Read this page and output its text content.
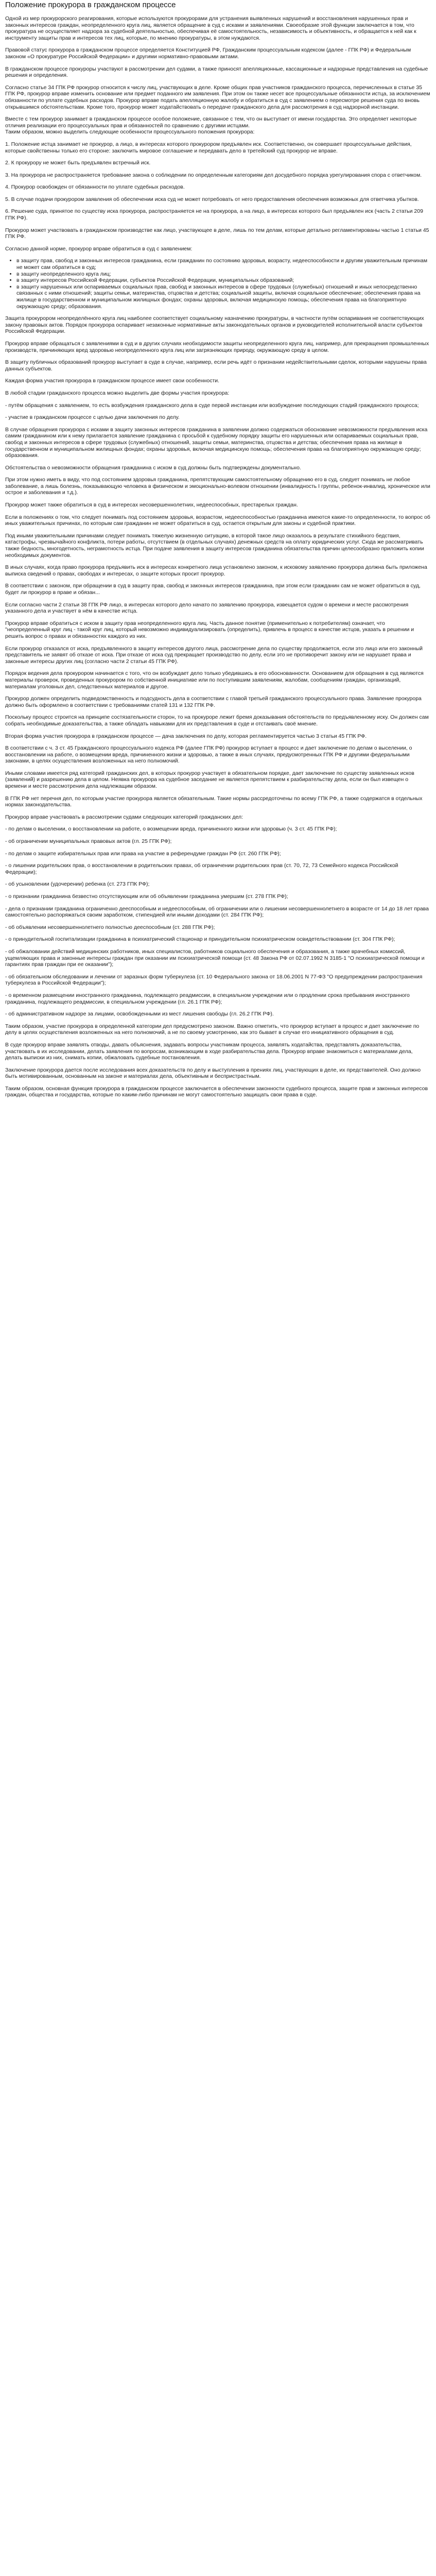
Положение прокурора в гражданском процессе

Одной из мер прокурорского реагирования, которые используются прокурорами для устранения выявленных нарушений и восстановления нарушенных прав и законных интересов граждан, неопределенного круга лиц, является обращение в суд с исками и заявлениями. Своеобразие этой функции заключается в том, что прокуратура не осуществляет надзора за судебной деятельностью, обеспечивая её самостоятельность, независимость и объективность, и обращается к ней как к инструменту защиты прав и интересов тех лиц, которые, по мнению прокуратуры, в этом нуждаются.

Правовой статус прокурора в гражданском процессе определяется Конституцией РФ, Гражданским процессуальным кодексом (далее - ГПК РФ) и Федеральным законом «О прокуратуре Российской Федерации» и другими нормативно-правовыми актами.

В гражданском процессе прокуроры участвуют в рассмотрении дел судами, а также приносят апелляционные, кассационные и надзорные представления на судебные решения и определения.

Согласно статье 34 ГПК РФ прокурор относится к числу лиц, участвующих в деле. Кроме общих прав участников гражданского процесса, перечисленных в статье 35 ГПК РФ, прокурор вправе изменить основание или предмет поданного им заявления. При этом он также несет все процессуальные обязанности истца, за исключением обязанности по уплате судебных расходов. Прокурор вправе подать апелляционную жалобу и обратиться в суд с заявлением о пересмотре решения суда по вновь открывшимся обстоятельствам. Кроме того, прокурор может ходатайствовать о передаче гражданского дела для рассмотрения в суд надзорной инстанции.

Вместе с тем прокурор занимает в гражданском процессе особое положение, связанное с тем, что он выступает от имени государства. Это определяет некоторые отличия реализации его процессуальных прав и обязанностей по сравнению с другими истцами.
Таким образом, можно выделить следующие особенности процессуального положения прокурора:

1. Положение истца занимает не прокурор, а лицо, в интересах которого прокурором предъявлен иск. Соответственно, он совершает процессуальные действия, которые свойственны только его стороне: заключить мировое соглашение и передавать дело в третейский суд прокурор не вправе.

2. К прокурору не может быть предъявлен встречный иск.

3. На прокурора не распространяется требование закона о соблюдении по определенным категориям дел досудебного порядка урегулирования спора с ответчиком.

4. Прокурор освобожден от обязанности по уплате судебных расходов.

5. В случае подачи прокурором заявления об обеспечении иска суд не может потребовать от него предоставления обеспечения возможных для ответчика убытков.

6. Решение суда, принятое по существу иска прокурора, распространяется не на прокурора, а на лицо, в интересах которого был предъявлен иск (часть 2 статьи 209 ГПК РФ).

Прокурор может участвовать в гражданском производстве как лицо, участвующее в деле, лишь по тем делам, которые детально регламентированы частью 1 статьи 45 ГПК РФ.

Согласно данной норме, прокурор вправе обратиться в суд с заявлением:

• в защиту прав, свобод и законных интересов гражданина, если гражданин по состоянию здоровья, возрасту, недееспособности и другим уважительным причинам не может сам обратиться в суд;
• в защиту неопределенного круга лиц;
• в защиту интересов Российской Федерации, субъектов Российской Федерации, муниципальных образований;
• в защиту нарушенных или оспариваемых социальных прав, свобод и законных интересов в сфере трудовых (служебных) отношений и иных непосредственно связанных с ними отношений; защиты семьи, материнства, отцовства и детства; социальной защиты, включая социальное обеспечение; обеспечения права на жилище в государственном и муниципальном жилищных фондах; охраны здоровья, включая медицинскую помощь; обеспечения права на благоприятную окружающую среду; образования.

Защита прокурором неопределённого круга лиц наиболее соответствует социальному назначению прокуратуры, в частности путём оспаривания не соответствующих закону правовых актов. Порядок прокурора оспаривает незаконные нормативные акты законодательных органов и руководителей исполнительной власти субъектов Российской Федерации.

Прокурор вправе обращаться с заявлениями в суд и в других случаях необходимости защиты неопределенного круга лиц, например, для прекращения промышленных производств, причиняющих вред здоровью неопределенного круга лиц или загрязняющих природу, окружающую среду в целом.

В защиту публичных образований прокурор выступает в суде в случае, например, если речь идёт о признании недействительными сделок, которыми нарушены права данных субъектов.

Каждая форма участия прокурора в гражданском процессе имеет свои особенности.

В любой стадии гражданского процесса можно выделить две формы участия прокурора:

- путём обращения с заявлением, то есть возбуждения гражданского дела в суде первой инстанции или возбуждение последующих стадий гражданского процесса;

- участие в гражданском процессе с целью дачи заключения по делу.

В случае обращения прокурора с исками в защиту законных интересов гражданина в заявлении должно содержаться обоснование невозможности предъявления иска самим гражданином или к нему прилагается заявление гражданина с просьбой к судебному порядку защиты его нарушенных или оспариваемых социальных прав, свобод и законных интересов в сфере трудовых (служебных) отношений, защиты семьи, материнства, отцовства и детства; обеспечения права на жилище в государственном и муниципальном жилищных фондах; охраны здоровья, включая медицинскую помощь; обеспечения права на благоприятную окружающую среду; образования.

Обстоятельства о невозможности обращения гражданина с иском в суд должны быть подтверждены документально.

При этом нужно иметь в виду, что под состоянием здоровья гражданина, препятствующим самостоятельному обращению его в суд, следует понимать не любое заболевание, а лишь болезнь, показывающую человека в физическом и эмоционально-волевом отношении (инвалидность I группы, ребенок-инвалид, хроническое или острое и заболевания и т.д.).

Прокурор может также обратиться в суд в интересах несовершеннолетних, недееспособных, престарелых граждан.

Если в положениях о том, что следует понимать под состоянием здоровья, возрастом, недееспособностью гражданина имеются какие-то определенности, то вопрос об иных уважительных причинах, по которым сам гражданин не может обратиться в суд, остается открытым для законы и судебной практики.

Под иными уважительными причинами следует понимать тяжелую жизненную ситуацию, в которой такое лицо оказалось в результате стихийного бедствия, катастрофы, чрезвычайного конфликта, потери работы, отсутствием (в отдельных случаях) денежных средств на оплату юридических услуг. Сюда же рассматривать также бедность, многодетность, неграмотность истца. При подаче заявления в защиту интересов гражданина обязательства причин целесообразно приложить копии необходимых документов.

В иных случаях, когда право прокурора предъявить иск в интересах конкретного лица установлено законом, к исковому заявлению прокурора должна быть приложена выписка сведений о правах, свободах и интересах, о защите которых просит прокурор.

В соответствии с законом, при обращении в суд в защиту прав, свобод и законных интересов гражданина, при этом если гражданин сам не может обратиться в суд, будет ли прокурор в праве и обязан...

Если согласно части 2 статьи 38 ГПК РФ лицо, в интересах которого дело начато по заявлению прокурора, извещается судом о времени и месте рассмотрения указанного дела и участвует в нём в качестве истца.

Прокурор вправе обратиться с иском в защиту прав неопределенного круга лиц. Часть данное понятие (применительно к потребителям) означает, что "неопределенный круг лиц - такой круг лиц, который невозможно индивидуализировать (определить), привлечь в процесс в качестве истцов, указать в решении и решить вопрос о правах и обязанностях каждого из них.

Если прокурор отказался от иска, предъявленного в защиту интересов другого лица, рассмотрение дела по существу продолжается, если это лицо или его законный представитель не заявят об отказе от иска. При отказе от иска суд прекращает производство по делу, если это не противоречит закону или не нарушает права и законные интересы других лиц (согласно части 2 статьи 45 ГПК РФ).

Порядок ведения дела прокурором начинается с того, что он возбуждает дело только убедившись в его обоснованности. Основанием для обращения в суд являются материалы проверок, проведенных прокурором по собственной инициативе или по поступившим заявлениям, жалобам, сообщениям граждан, организаций, материалам уголовных дел, следственных материалов и другое.

Прокурор должен определить подведомственность и подсудность дела в соответствии с главой третьей гражданского процессуального права. Заявление прокурора должно быть оформлено в соответствии с требованиями статей 131 и 132 ГПК РФ.

Поскольку процесс строится на принципе состязательности сторон, то на прокуроре лежит бремя доказывания обстоятельств по предъявленному иску. Он должен сам собрать необходимые доказательства, а также обладать навыками для их представления в суде и отстаивать своё мнение.

Вторая форма участия прокурора в гражданском процессе — дача заключения по делу, которая регламентируется частью 3 статьи 45 ГПК РФ.

В соответствии с ч. 3 ст. 45 Гражданского процессуального кодекса РФ (далее ГПК РФ) прокурор вступает в процесс и дает заключение по делам о выселении, о восстановлении на работе, о возмещении вреда, причиненного жизни и здоровью, а также в иных случаях, предусмотренных ГПК РФ и другими федеральными законами, в целях осуществления возложенных на него полномочий.

Иными словами имеется ряд категорий гражданских дел, в которых прокурор участвует в обязательном порядке, дает заключение по существу заявленных исков (заявлений) и разрешению дела в целом. Неявка прокурора на судебное заседание не является препятствием к разбирательству дела, если он был извещен о времени и месте рассмотрения дела надлежащим образом.

В ГПК РФ нет перечня дел, по которым участие прокурора является обязательным. Такие нормы рассредоточены по всему ГПК РФ, а также содержатся в отдельных нормах законодательства.

Прокурор вправе участвовать в рассмотрении судами следующих категорий гражданских дел:

- по делам о выселении, о восстановлении на работе, о возмещении вреда, причиненного жизни или здоровью (ч. 3 ст. 45 ГПК РФ);

- об ограничении муниципальных правовых актов (гл. 25 ГПК РФ);

- по делам о защите избирательных прав или права на участие в референдуме граждан РФ (ст. 260 ГПК РФ);

- о лишении родительских прав, о восстановлении в родительских правах, об ограничении родительских прав (ст. 70, 72, 73 Семейного кодекса Российской Федерации);

- об усыновлении (удочерении) ребенка (ст. 273 ГПК РФ);

- о признании гражданина безвестно отсутствующим или об объявлении гражданина умершим (ст. 278 ГПК РФ);

- дела о признании гражданина ограниченно дееспособным и недееспособным, об ограничении или о лишении несовершеннолетнего в возрасте от 14 до 18 лет права самостоятельно распоряжаться своим заработком, стипендией или иными доходами (ст. 284 ГПК РФ);

- об объявлении несовершеннолетнего полностью дееспособным (ст. 288 ГПК РФ);

- о принудительной госпитализации гражданина в психиатрический стационар и принудительном психиатрическом освидетельствовании (ст. 304 ГПК РФ);

- об обжаловании действий медицинских работников, иных специалистов, работников социального обеспечения и образования, а также врачебных комиссий, ущемляющих права и законные интересы граждан при оказании им психиатрической помощи (ст. 48 Закона РФ от 02.07.1992 N 3185-1 "О психиатрической помощи и гарантиях прав граждан при ее оказании");

- об обязательном обследовании и лечении от заразных форм туберкулеза (ст. 10 Федерального закона от 18.06.2001 N 77-ФЗ "О предупреждении распространения туберкулеза в Российской Федерации");

- о временном размещении иностранного гражданина, подлежащего реадмиссии, в специальном учреждении или о продлении срока пребывания иностранного гражданина, подлежащего реадмиссии, в специальном учреждении (гл. 26.1 ГПК РФ);

- об административном надзоре за лицами, освобожденными из мест лишения свободы (гл. 26.2 ГПК РФ).

Таким образом, участие прокурора в определенной категории дел предусмотрено законом. Важно отметить, что прокурор вступает в процесс и дает заключение по делу в целях осуществления возложенных на него полномочий, а не по своему усмотрению, как это бывает в случае его инициативного обращения в суд.

В суде прокурор вправе заявлять отводы, давать объяснения, задавать вопросы участникам процесса, заявлять ходатайства, представлять доказательства, участвовать в их исследовании, делать заявления по вопросам, возникающим в ходе разбирательства дела. Прокурор вправе знакомиться с материалами дела, делать выписки из них, снимать копии, обжаловать судебные постановления.

Заключение прокурора дается после исследования всех доказательств по делу и выступления в прениях лиц, участвующих в деле, их представителей. Оно должно быть мотивированным, основанным на законе и материалах дела, объективным и беспристрастным.

Таким образом, основная функция прокурора в гражданском процессе заключается в обеспечении законности судебного процесса, защите прав и законных интересов граждан, общества и государства, которые по каким-либо причинам не могут самостоятельно защищать свои права в суде.
